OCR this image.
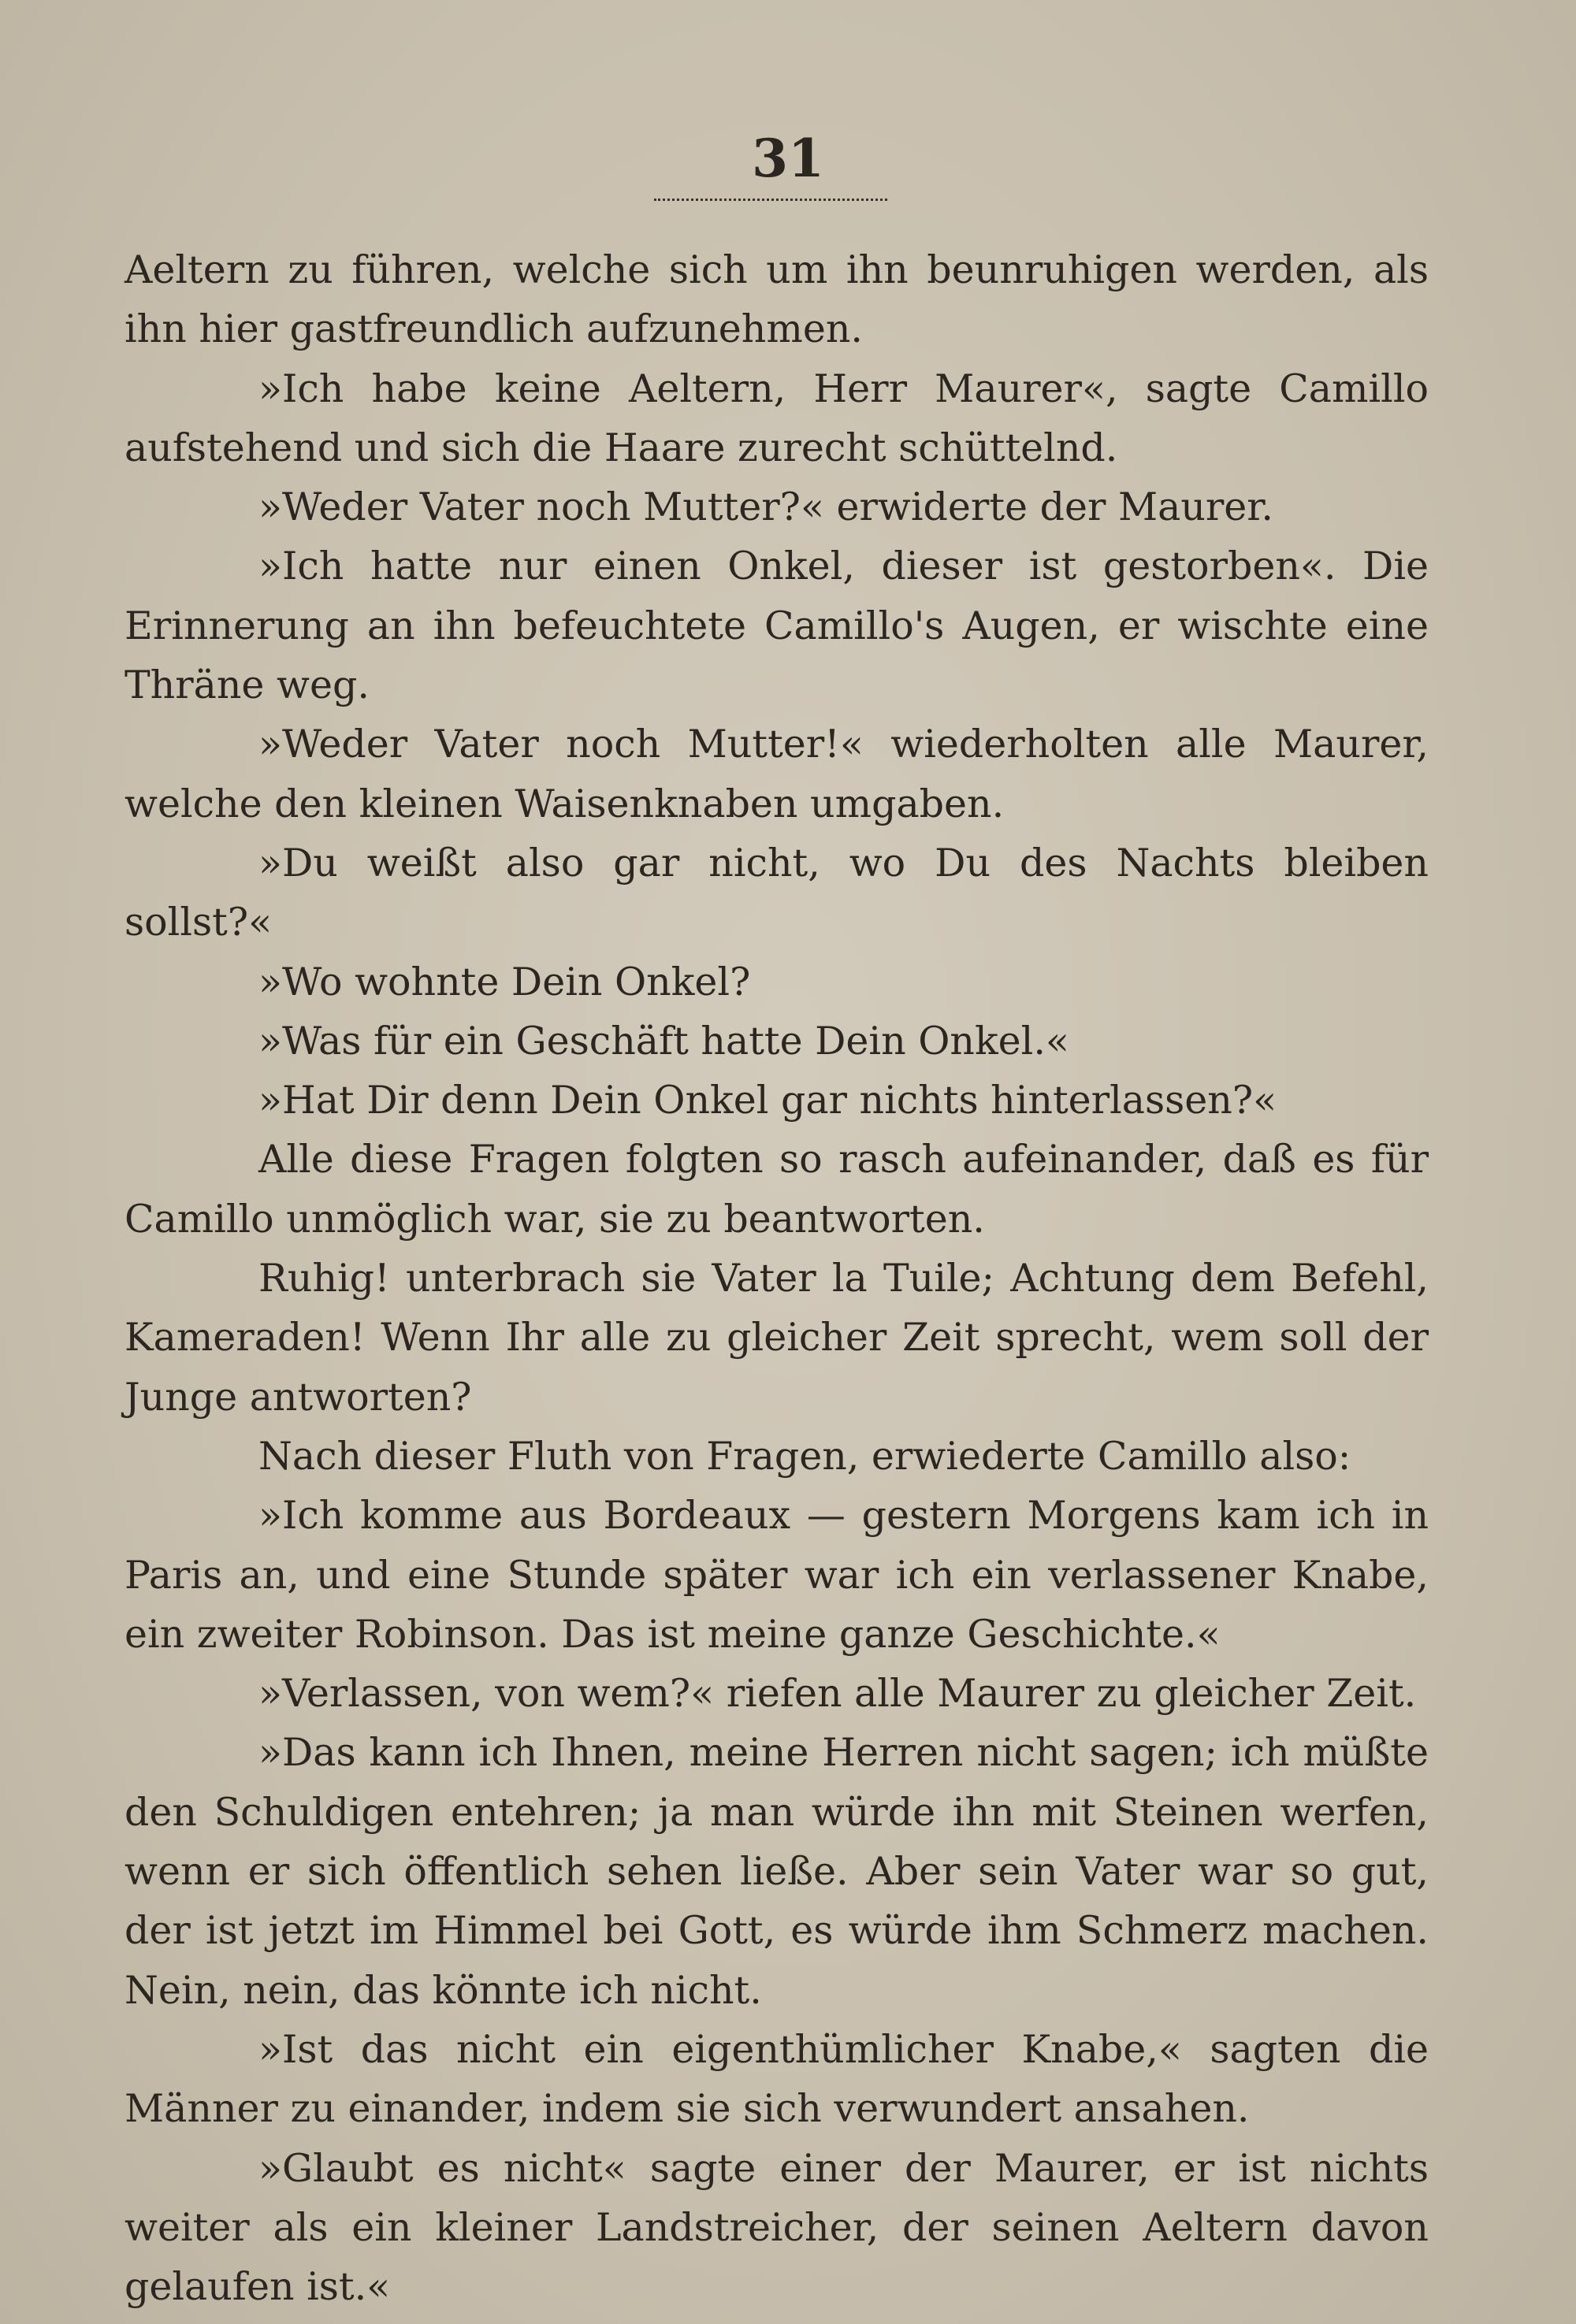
31

Aeltern zu führen, welche sich um ihn beunruhigen werden, als ihn hier gastfreundlich aufzunehmen.

»Ich habe keine Aeltern, Herr Maurer«, sagte Camillo aufstehend und sich die Haare zurecht schüttelnd.

»Weder Vater noch Mutter?« erwiderte der Maurer.

»Ich hatte nur einen Onkel, dieser ist gestorben«. Die Erinnerung an ihn befeuchtete Camillo's Augen, er wischte eine Thräne weg.

»Weder Vater noch Mutter!« wiederholten alle Maurer, welche den kleinen Waisenknaben umgaben.

»Du weißt also gar nicht, wo Du des Nachts bleiben sollst?«

»Wo wohnte Dein Onkel?

»Was für ein Geschäft hatte Dein Onkel.«

»Hat Dir denn Dein Onkel gar nichts hinterlassen?«

Alle diese Fragen folgten so rasch aufeinander, daß es für Camillo unmöglich war, sie zu beantworten.

Ruhig! unterbrach sie Vater la Tuile; Achtung dem Befehl, Kameraden! Wenn Ihr alle zu gleicher Zeit sprecht, wem soll der Junge antworten?

Nach dieser Fluth von Fragen, erwiederte Camillo also:

»Ich komme aus Bordeaux — gestern Morgens kam ich in Paris an, und eine Stunde später war ich ein verlassener Knabe, ein zweiter Robinson. Das ist meine ganze Geschichte.«

»Verlassen, von wem?« riefen alle Maurer zu gleicher Zeit.

»Das kann ich Ihnen, meine Herren nicht sagen; ich müßte den Schuldigen entehren; ja man würde ihn mit Steinen werfen, wenn er sich öffentlich sehen ließe. Aber sein Vater war so gut, der ist jetzt im Himmel bei Gott, es würde ihm Schmerz machen. Nein, nein, das könnte ich nicht.

»Ist das nicht ein eigenthümlicher Knabe,« sagten die Männer zu einander, indem sie sich verwundert ansahen.

»Glaubt es nicht« sagte einer der Maurer, er ist nichts weiter als ein kleiner Landstreicher, der seinen Aeltern davon gelaufen ist.«
